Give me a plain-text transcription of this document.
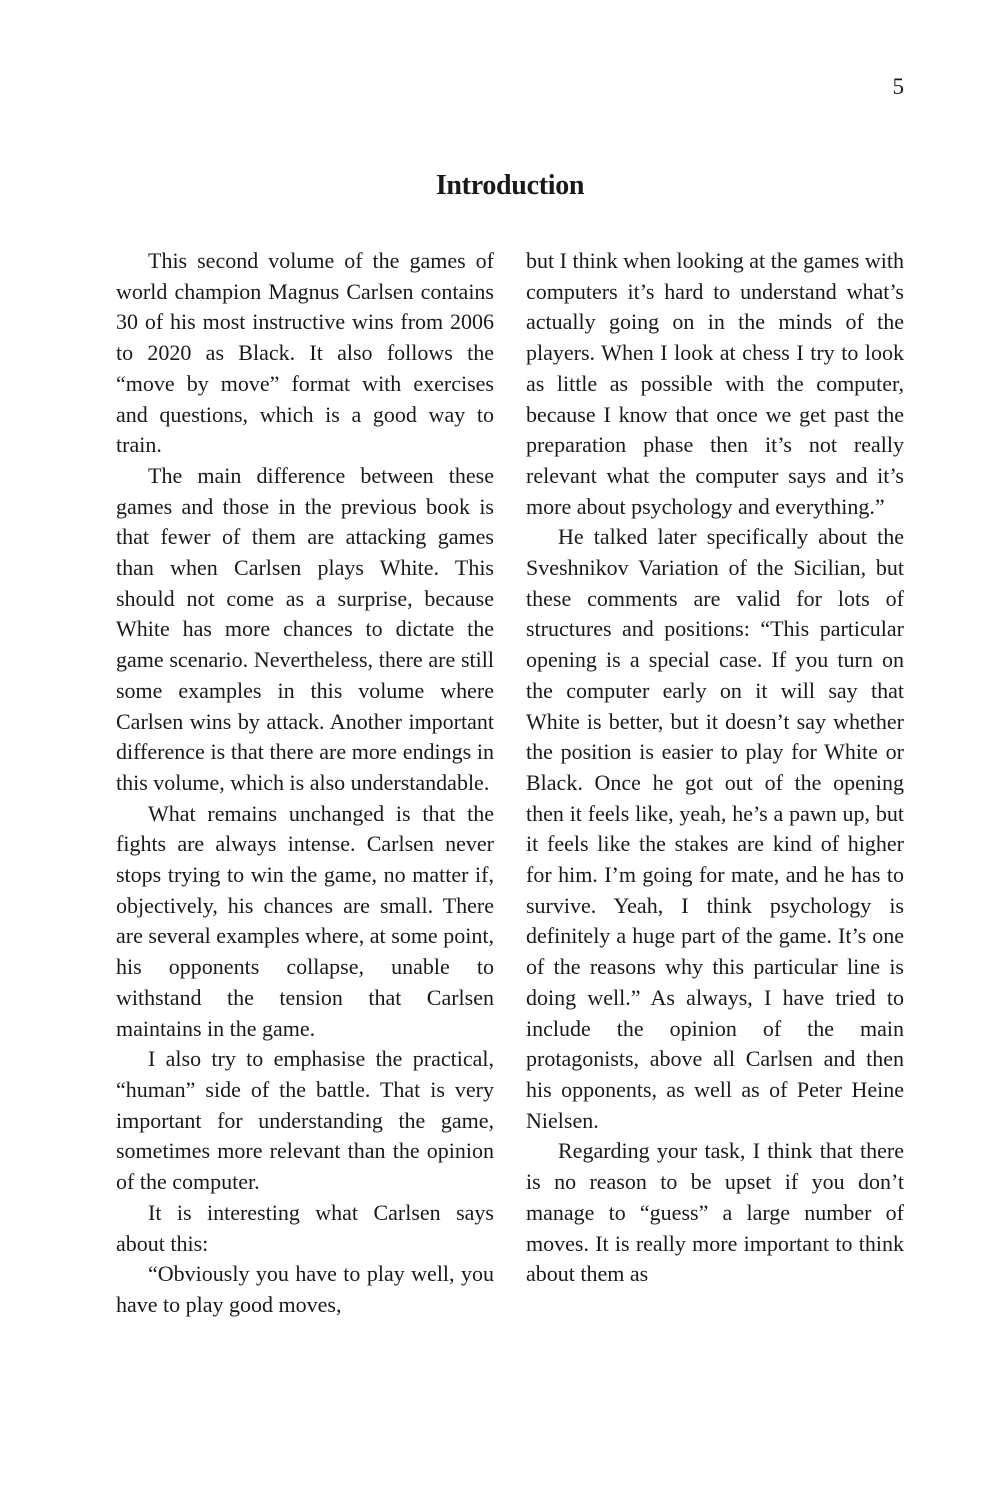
5
Introduction

This second volume of the games of world champion Magnus Carlsen contains 30 of his most instructive wins from 2006 to 2020 as Black. It also follows the “move by move” format with exercises and questions, which is a good way to train.

The main difference between these games and those in the previous book is that fewer of them are attacking games than when Carlsen plays White. This should not come as a surprise, because White has more chances to dictate the game scenario. Nevertheless, there are still some examples in this volume where Carlsen wins by attack. Another important difference is that there are more endings in this volume, which is also understandable.

What remains unchanged is that the fights are always intense. Carlsen never stops trying to win the game, no matter if, objectively, his chances are small. There are several examples where, at some point, his opponents collapse, unable to withstand the tension that Carlsen maintains in the game.

I also try to emphasise the practical, “human” side of the battle. That is very important for understanding the game, sometimes more relevant than the opinion of the computer.

It is interesting what Carlsen says about this:

“Obviously you have to play well, you have to play good moves,

but I think when looking at the games with computers it’s hard to understand what’s actually going on in the minds of the players. When I look at chess I try to look as little as possible with the computer, because I know that once we get past the preparation phase then it’s not really relevant what the computer says and it’s more about psychology and everything.”

He talked later specifically about the Sveshnikov Variation of the Sicilian, but these comments are valid for lots of structures and positions: “This particular opening is a special case. If you turn on the computer early on it will say that White is better, but it doesn’t say whether the position is easier to play for White or Black. Once he got out of the opening then it feels like, yeah, he’s a pawn up, but it feels like the stakes are kind of higher for him. I’m going for mate, and he has to survive. Yeah, I think psychology is definitely a huge part of the game. It’s one of the reasons why this particular line is doing well.” As always, I have tried to include the opinion of the main protagonists, above all Carlsen and then his opponents, as well as of Peter Heine Nielsen.

Regarding your task, I think that there is no reason to be upset if you don’t manage to “guess” a large number of moves. It is really more important to think about them as
